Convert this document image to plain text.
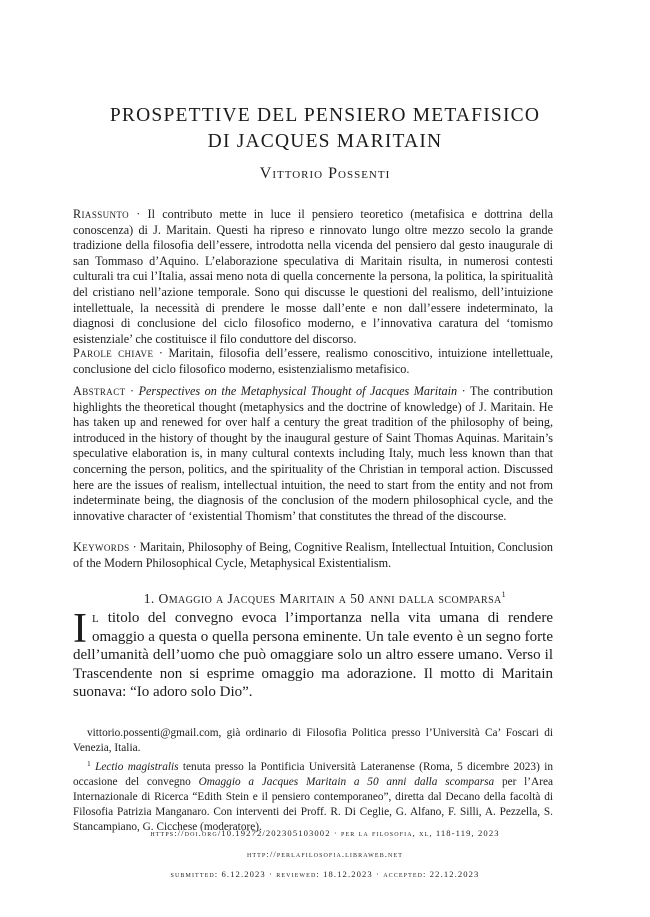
PROSPETTIVE DEL PENSIERO METAFISICO
DI JACQUES MARITAIN
Vittorio Possenti
Riassunto · Il contributo mette in luce il pensiero teoretico (metafisica e dottrina della conoscenza) di J. Maritain. Questi ha ripreso e rinnovato lungo oltre mezzo secolo la grande tradizione della filosofia dell’essere, introdotta nella vicenda del pensiero dal gesto inaugurale di san Tommaso d’Aquino. L’elaborazione speculativa di Maritain risulta, in numerosi contesti culturali tra cui l’Italia, assai meno nota di quella concernente la persona, la politica, la spiritualità del cristiano nell’azione temporale. Sono qui discusse le questioni del realismo, dell’intuizione intellettuale, la necessità di prendere le mosse dall’ente e non dall’essere indeterminato, la diagnosi di conclusione del ciclo filosofico moderno, e l’innovativa caratura del ‘tomismo esistenziale’ che costituisce il filo conduttore del discorso.
Parole chiave · Maritain, filosofia dell’essere, realismo conoscitivo, intuizione intellettuale, conclusione del ciclo filosofico moderno, esistenzialismo metafisico.
Abstract · Perspectives on the Metaphysical Thought of Jacques Maritain · The contribution highlights the theoretical thought (metaphysics and the doctrine of knowledge) of J. Maritain. He has taken up and renewed for over half a century the great tradition of the philosophy of being, introduced in the history of thought by the inaugural gesture of Saint Thomas Aquinas. Maritain’s speculative elaboration is, in many cultural contexts including Italy, much less known than that concerning the person, politics, and the spirituality of the Christian in temporal action. Discussed here are the issues of realism, intellectual intuition, the need to start from the entity and not from indeterminate being, the diagnosis of the conclusion of the modern philosophical cycle, and the innovative character of ‘existential Thomism’ that constitutes the thread of the discourse.
Keywords · Maritain, Philosophy of Being, Cognitive Realism, Intellectual Intuition, Conclusion of the Modern Philosophical Cycle, Metaphysical Existentialism.
1. Omaggio a Jacques Maritain a 50 anni dalla scomparsa$^1$
Il titolo del convegno evoca l’importanza nella vita umana di rendere omaggio a questa o quella persona eminente. Un tale evento è un segno forte dell’umanità dell’uomo che può omaggiare solo un altro essere umano. Verso il Trascendente non si esprime omaggio ma adorazione. Il motto di Maritain suonava: “Io adoro solo Dio”.

vittorio.possenti@gmail.com, già ordinario di Filosofia Politica presso l’Università Ca’ Foscari di Venezia, Italia.

$^1$ Lectio magistralis tenuta presso la Pontificia Università Lateranense (Roma, 5 dicembre 2023) in occasione del convegno Omaggio a Jacques Maritain a 50 anni dalla scomparsa per l’Area Internazionale di Ricerca “Edith Stein e il pensiero contemporaneo”, diretta dal Decano della facoltà di Filosofia Patrizia Manganaro. Con interventi dei Proff. R. Di Ceglie, G. Alfano, F. Silli, A. Pezzella, S. Stancampiano, G. Cicchese (moderatore).

https://doi.org/10.19272/202305103002 · per la filosofia, xl, 118-119, 2023
http://perlafilosofia.libraweb.net
submitted: 6.12.2023 · reviewed: 18.12.2023 · accepted: 22.12.2023
